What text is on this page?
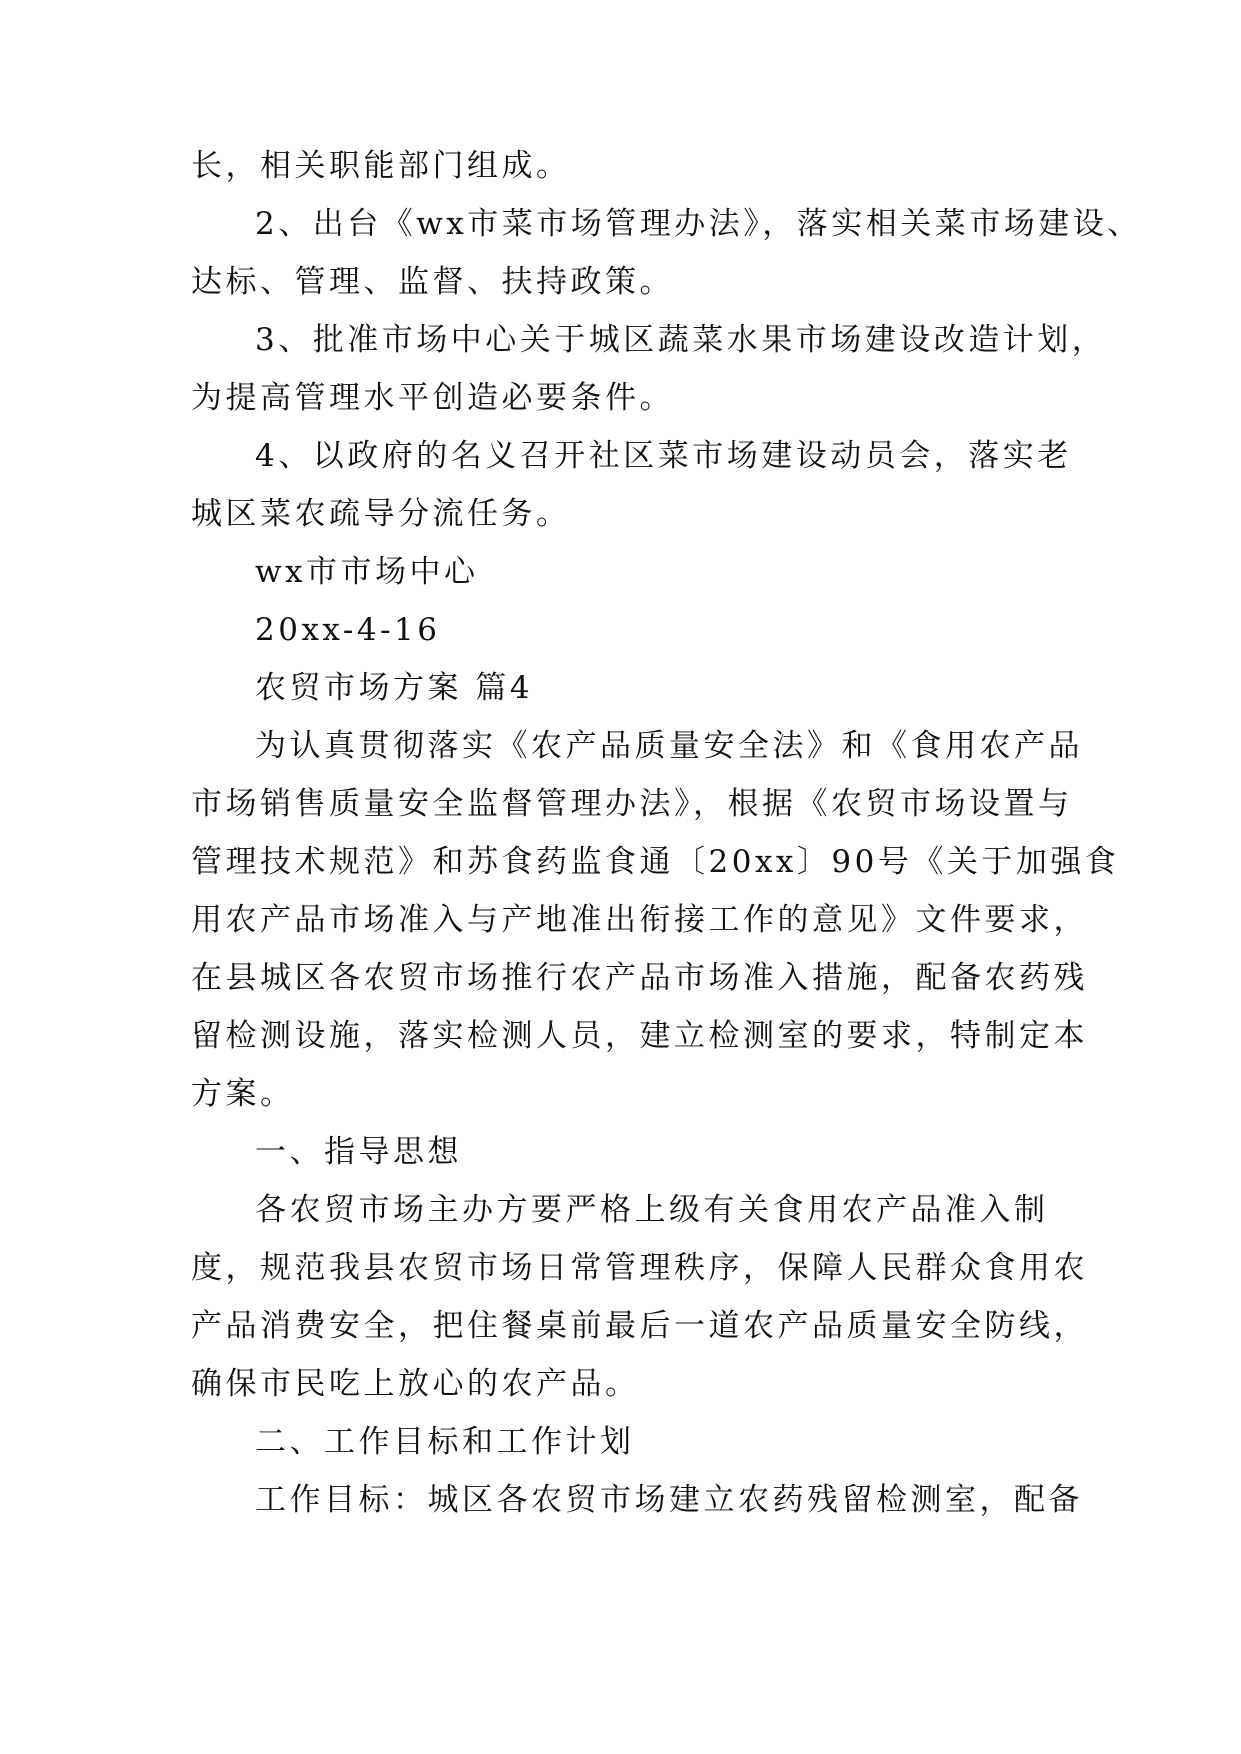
长，相关职能部门组成。
2、出台《wx市菜市场管理办法》，落实相关菜市场建设、
达标、管理、监督、扶持政策。
3、批准市场中心关于城区蔬菜水果市场建设改造计划，
为提高管理水平创造必要条件。
4、以政府的名义召开社区菜市场建设动员会，落实老
城区菜农疏导分流任务。
wx市市场中心
20xx-4-16
农贸市场方案 篇4
为认真贯彻落实《农产品质量安全法》和《食用农产品
市场销售质量安全监督管理办法》，根据《农贸市场设置与
管理技术规范》和苏食药监食通〔20xx〕90号《关于加强食
用农产品市场准入与产地准出衔接工作的意见》文件要求，
在县城区各农贸市场推行农产品市场准入措施，配备农药残
留检测设施，落实检测人员，建立检测室的要求，特制定本
方案。
一、指导思想
各农贸市场主办方要严格上级有关食用农产品准入制
度，规范我县农贸市场日常管理秩序，保障人民群众食用农
产品消费安全，把住餐桌前最后一道农产品质量安全防线，
确保市民吃上放心的农产品。
二、工作目标和工作计划
工作目标：城区各农贸市场建立农药残留检测室，配备
